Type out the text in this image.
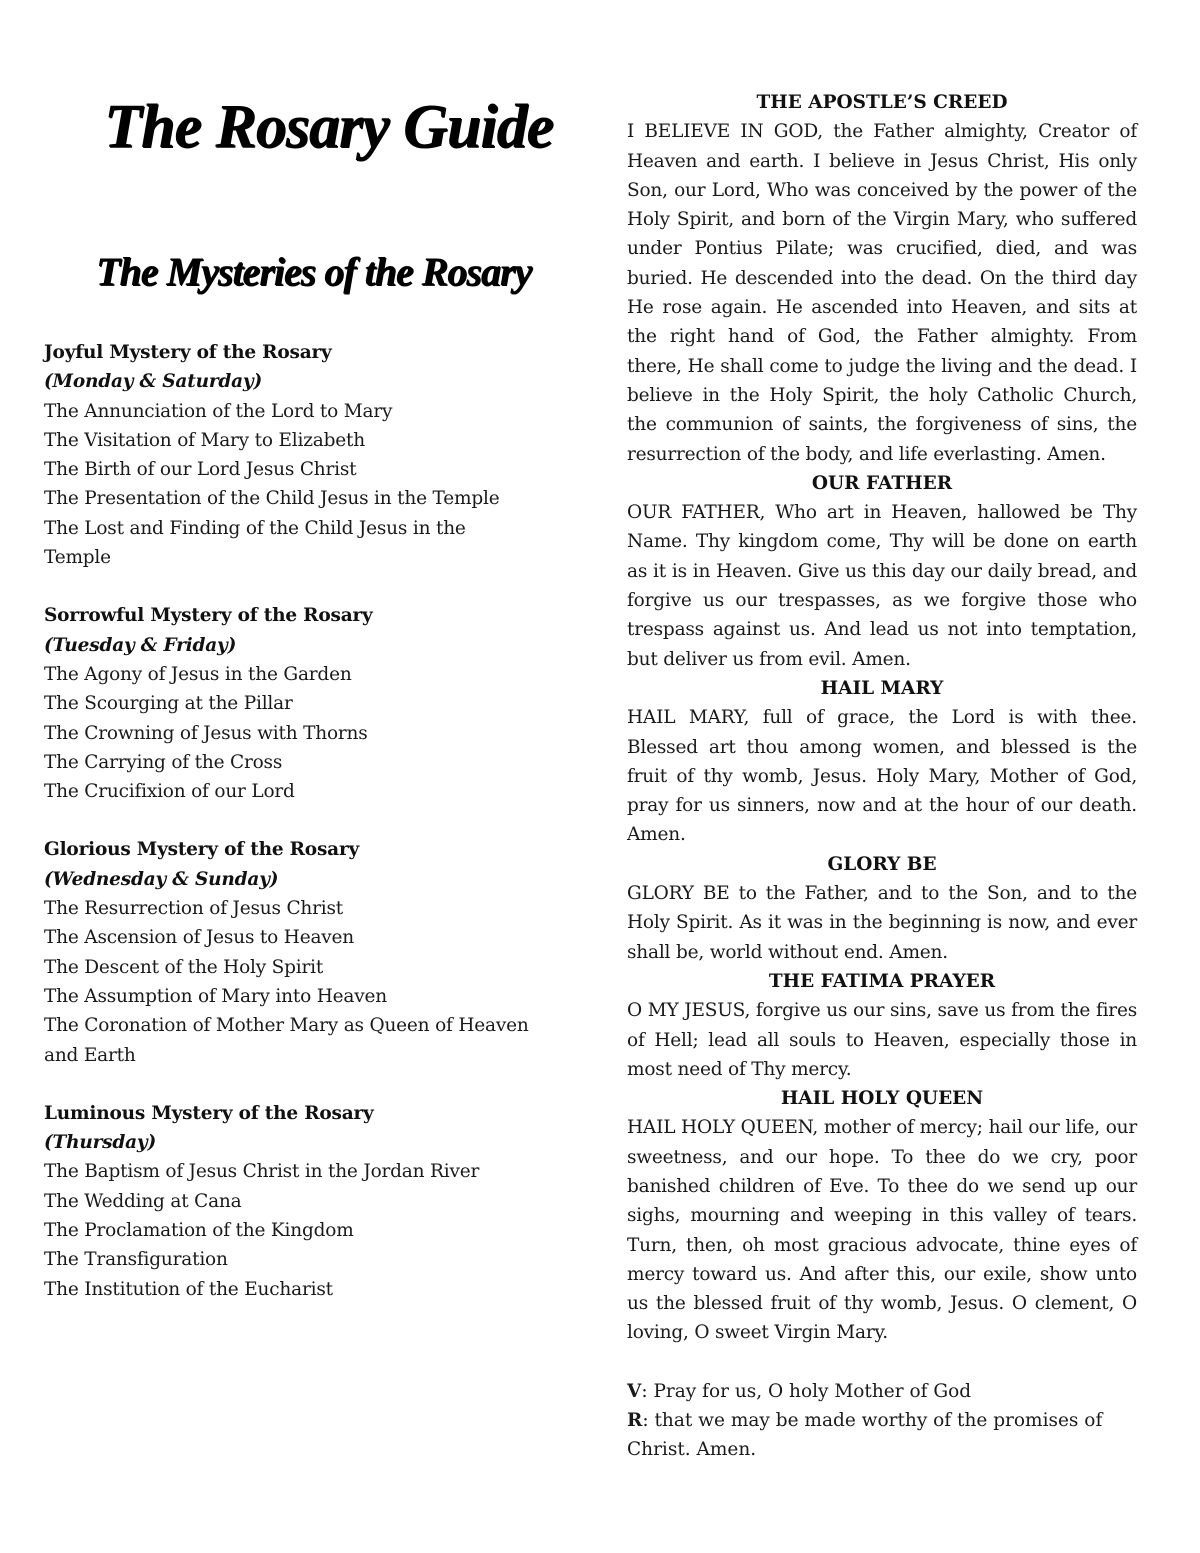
The Rosary Guide
The Mysteries of the Rosary
Joyful Mystery of the Rosary
(Monday & Saturday)
The Annunciation of the Lord to Mary
The Visitation of Mary to Elizabeth
The Birth of our Lord Jesus Christ
The Presentation of the Child Jesus in the Temple
The Lost and Finding of the Child Jesus in the Temple
Sorrowful Mystery of the Rosary
(Tuesday & Friday)
The Agony of Jesus in the Garden
The Scourging at the Pillar
The Crowning of Jesus with Thorns
The Carrying of the Cross
The Crucifixion of our Lord
Glorious Mystery of the Rosary
(Wednesday & Sunday)
The Resurrection of Jesus Christ
The Ascension of Jesus to Heaven
The Descent of the Holy Spirit
The Assumption of Mary into Heaven
The Coronation of Mother Mary as Queen of Heaven and Earth
Luminous Mystery of the Rosary
(Thursday)
The Baptism of Jesus Christ in the Jordan River
The Wedding at Cana
The Proclamation of the Kingdom
The Transfiguration
The Institution of the Eucharist
THE APOSTLE’S CREED
I BELIEVE IN GOD, the Father almighty, Creator of Heaven and earth. I believe in Jesus Christ, His only Son, our Lord, Who was conceived by the power of the Holy Spirit, and born of the Virgin Mary, who suffered under Pontius Pilate; was crucified, died, and was buried. He descended into the dead. On the third day He rose again. He ascended into Heaven, and sits at the right hand of God, the Father almighty. From there, He shall come to judge the living and the dead. I believe in the Holy Spirit, the holy Catholic Church, the communion of saints, the forgiveness of sins, the resurrection of the body, and life everlasting. Amen.
OUR FATHER
OUR FATHER, Who art in Heaven, hallowed be Thy Name. Thy kingdom come, Thy will be done on earth as it is in Heaven. Give us this day our daily bread, and forgive us our trespasses, as we forgive those who trespass against us. And lead us not into temptation, but deliver us from evil. Amen.
HAIL MARY
HAIL MARY, full of grace, the Lord is with thee. Blessed art thou among women, and blessed is the fruit of thy womb, Jesus. Holy Mary, Mother of God, pray for us sinners, now and at the hour of our death. Amen.
GLORY BE
GLORY BE to the Father, and to the Son, and to the Holy Spirit. As it was in the beginning is now, and ever shall be, world without end. Amen.
THE FATIMA PRAYER
O MY JESUS, forgive us our sins, save us from the fires of Hell; lead all souls to Heaven, especially those in most need of Thy mercy.
HAIL HOLY QUEEN
HAIL HOLY QUEEN, mother of mercy; hail our life, our sweetness, and our hope. To thee do we cry, poor banished children of Eve. To thee do we send up our sighs, mourning and weeping in this valley of tears. Turn, then, oh most gracious advocate, thine eyes of mercy toward us. And after this, our exile, show unto us the blessed fruit of thy womb, Jesus. O clement, O loving, O sweet Virgin Mary.
V: Pray for us, O holy Mother of God
R: that we may be made worthy of the promises of Christ. Amen.
